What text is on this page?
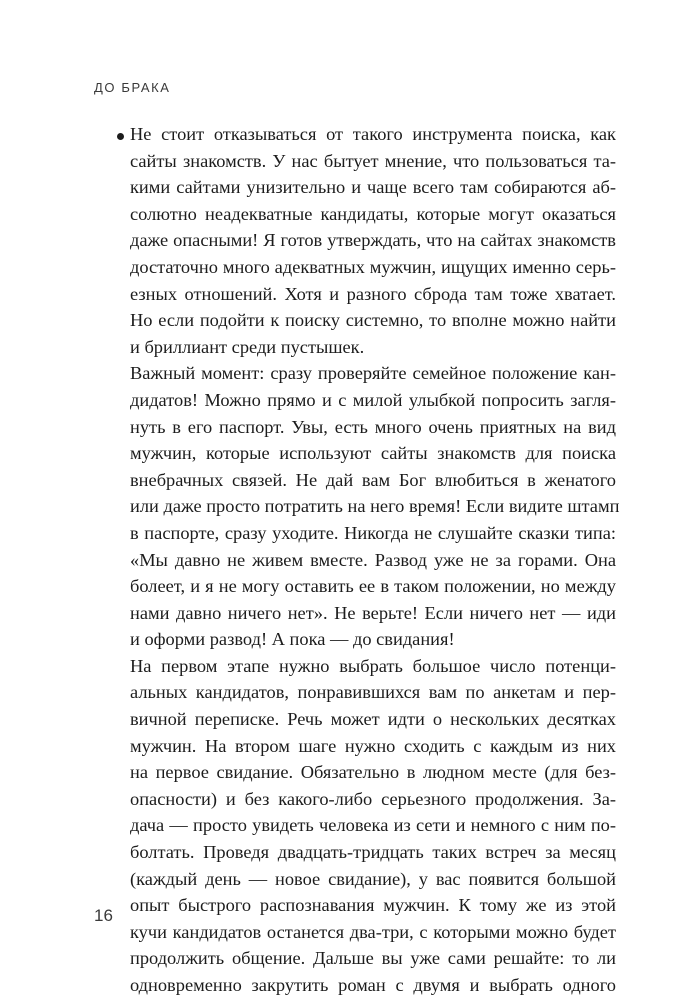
ДО БРАКА
Не стоит отказываться от такого инструмента поиска, как
сайты знакомств. У нас бытует мнение, что пользоваться та-
кими сайтами унизительно и чаще всего там собираются аб-
солютно неадекватные кандидаты, которые могут оказаться
даже опасными! Я готов утверждать, что на сайтах знакомств
достаточно много адекватных мужчин, ищущих именно серь-
езных отношений. Хотя и разного сброда там тоже хватает.
Но если подойти к поиску системно, то вполне можно найти
и бриллиант среди пустышек.
Важный момент: сразу проверяйте семейное положение кан-
дидатов! Можно прямо и с милой улыбкой попросить загля-
нуть в его паспорт. Увы, есть много очень приятных на вид
мужчин, которые используют сайты знакомств для поиска
внебрачных связей. Не дай вам Бог влюбиться в женатого
или даже просто потратить на него время! Если видите штамп
в паспорте, сразу уходите. Никогда не слушайте сказки типа:
«Мы давно не живем вместе. Развод уже не за горами. Она
болеет, и я не могу оставить ее в таком положении, но между
нами давно ничего нет». Не верьте! Если ничего нет — иди
и оформи развод! А пока — до свидания!
На первом этапе нужно выбрать большое число потенци-
альных кандидатов, понравившихся вам по анкетам и пер-
вичной переписке. Речь может идти о нескольких десятках
мужчин. На втором шаге нужно сходить с каждым из них
на первое свидание. Обязательно в людном месте (для без-
опасности) и без какого-либо серьезного продолжения. За-
дача — просто увидеть человека из сети и немного с ним по-
болтать. Проведя двадцать-тридцать таких встреч за месяц
(каждый день — новое свидание), у вас появится большой
опыт быстрого распознавания мужчин. К тому же из этой
кучи кандидатов останется два-три, с которыми можно будет
продолжить общение. Дальше вы уже сами решайте: то ли
одновременно закрутить роман с двумя и выбрать одного
16
